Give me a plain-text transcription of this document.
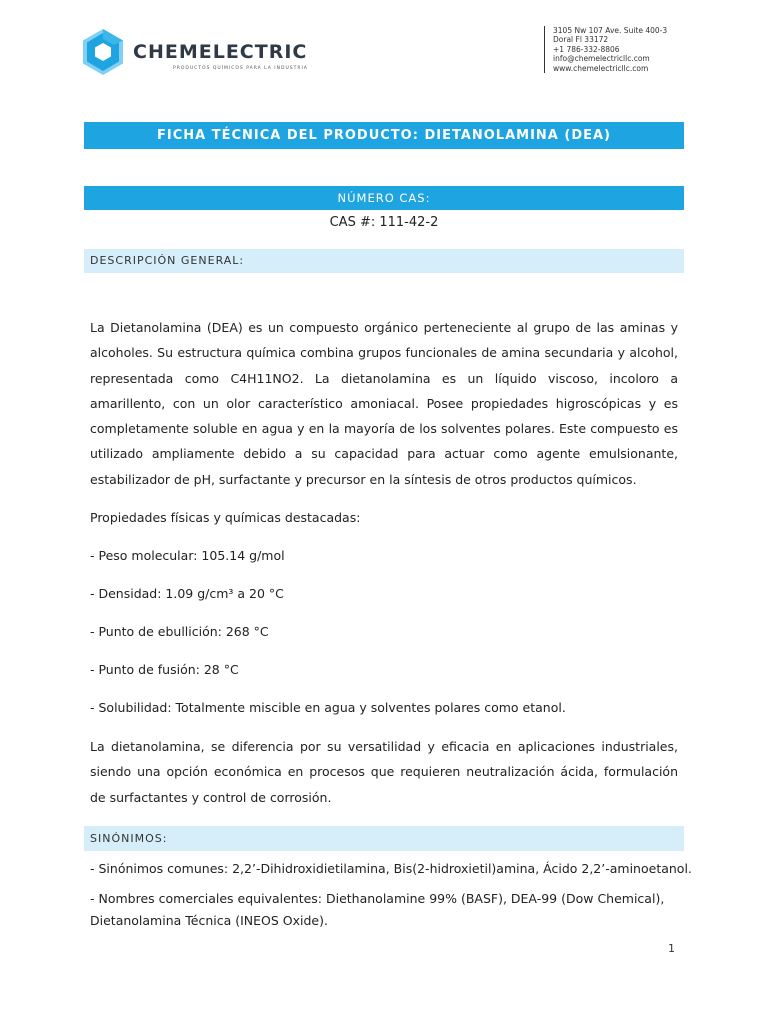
CHEMELECTRIC
PRODUCTOS QUÍMICOS PARA LA INDUSTRIA
3105 Nw 107 Ave. Suite 400-3
Doral Fl 33172
+1 786-332-8806
info@chemelectricllc.com
www.chemelectricllc.com
FICHA TÉCNICA DEL PRODUCTO: DIETANOLAMINA (DEA)
NÚMERO CAS:
CAS #: 111-42-2
DESCRIPCIÓN GENERAL:
La Dietanolamina (DEA) es un compuesto orgánico perteneciente al grupo de las aminas y alcoholes. Su estructura química combina grupos funcionales de amina secundaria y alcohol, representada como C4H11NO2. La dietanolamina es un líquido viscoso, incoloro a amarillento, con un olor característico amoniacal. Posee propiedades higroscópicas y es completamente soluble en agua y en la mayoría de los solventes polares. Este compuesto es utilizado ampliamente debido a su capacidad para actuar como agente emulsionante, estabilizador de pH, surfactante y precursor en la síntesis de otros productos químicos.
Propiedades físicas y químicas destacadas:
- Peso molecular: 105.14 g/mol
- Densidad: 1.09 g/cm³ a 20 °C
- Punto de ebullición: 268 °C
- Punto de fusión: 28 °C
- Solubilidad: Totalmente miscible en agua y solventes polares como etanol.
La dietanolamina, se diferencia por su versatilidad y eficacia en aplicaciones industriales, siendo una opción económica en procesos que requieren neutralización ácida, formulación de surfactantes y control de corrosión.
SINÓNIMOS:
- Sinónimos comunes: 2,2’-Dihidroxidietilamina, Bis(2-hidroxietil)amina, Ácido 2,2’-aminoetanol.
- Nombres comerciales equivalentes: Diethanolamine 99% (BASF), DEA-99 (Dow Chemical), Dietanolamina Técnica (INEOS Oxide).
1
